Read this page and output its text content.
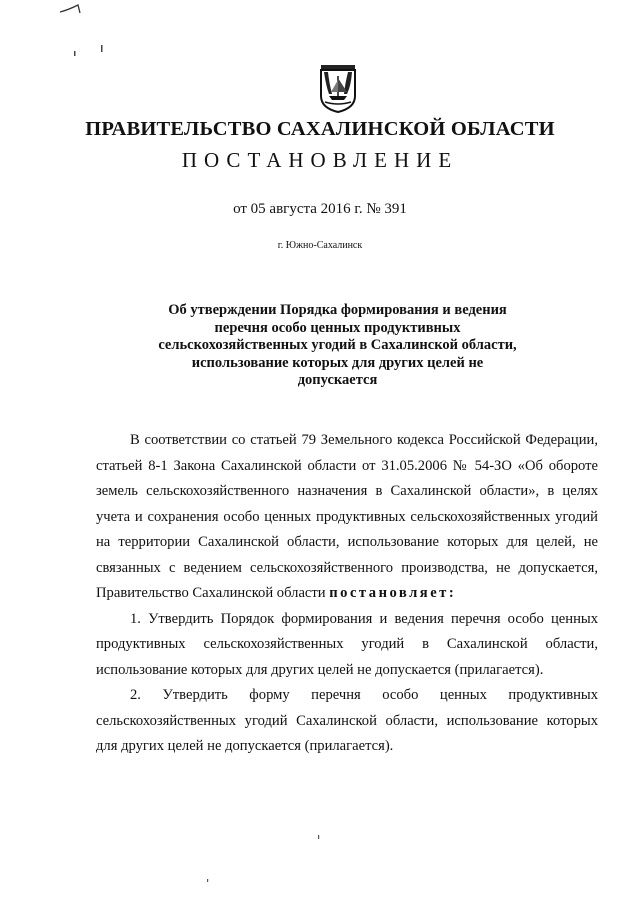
ПРАВИТЕЛЬСТВО САХАЛИНСКОЙ ОБЛАСТИ
ПОСТАНОВЛЕНИЕ
от 05 августа 2016 г. № 391
г. Южно-Сахалинск
Об утверждении Порядка формирования и ведения
перечня особо ценных продуктивных
сельскохозяйственных угодий в Сахалинской области,
использование которых для других целей не
допускается

В соответствии со статьей 79 Земельного кодекса Российской Федерации, статьей 8-1 Закона Сахалинской области от 31.05.2006 № 54-ЗО «Об обороте земель сельскохозяйственного назначения в Сахалинской области», в целях учета и сохранения особо ценных продуктивных сельскохозяйственных угодий на территории Сахалинской области, использование которых для целей, не связанных с ведением сельскохозяйственного производства, не допускается, Правительство Сахалинской области постановляет:

1. Утвердить Порядок формирования и ведения перечня особо ценных продуктивных сельскохозяйственных угодий в Сахалинской области, использование которых для других целей не допускается (прилагается).

2. Утвердить форму перечня особо ценных продуктивных сельскохозяйственных угодий Сахалинской области, использование которых для других целей не допускается (прилагается).
